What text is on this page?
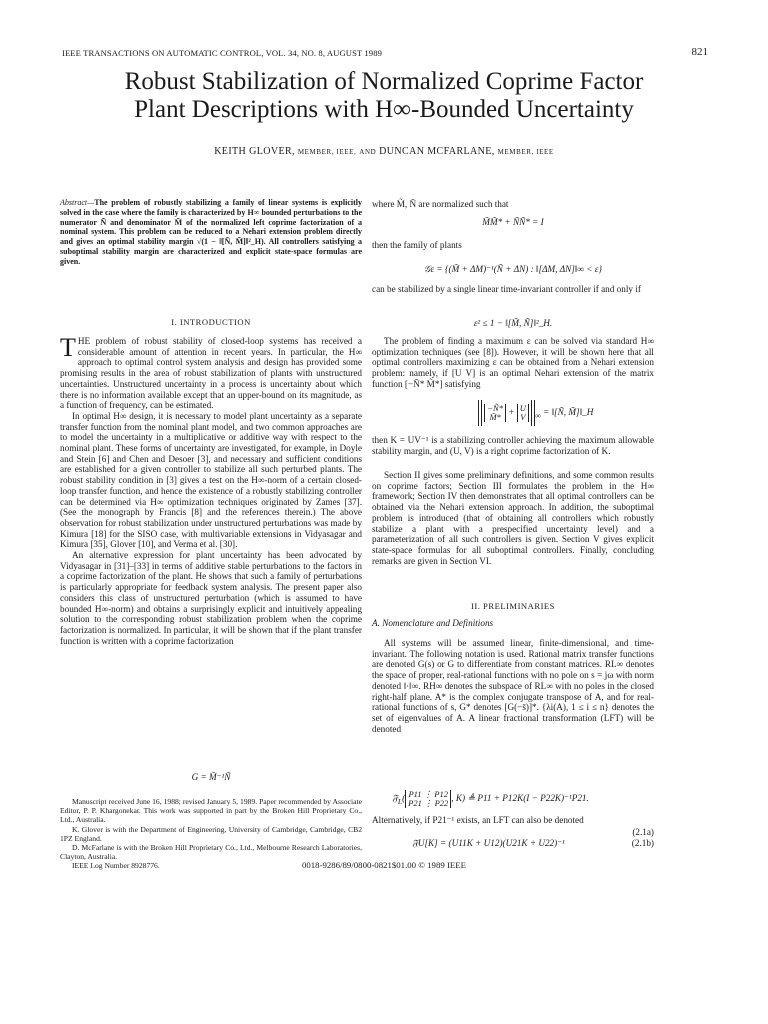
IEEE TRANSACTIONS ON AUTOMATIC CONTROL, VOL. 34, NO. 8, AUGUST 1989	821
Robust Stabilization of Normalized Coprime Factor
Plant Descriptions with H∞-Bounded Uncertainty
KEITH GLOVER, MEMBER, IEEE, AND DUNCAN MCFARLANE, MEMBER, IEEE
Abstract—The problem of robustly stabilizing a family of linear systems is explicitly solved in the case where the family is characterized by H∞ bounded perturbations to the numerator Ñ and denominator M̃ of the normalized left coprime factorization of a nominal system. This problem can be reduced to a Nehari extension problem directly and gives an optimal stability margin √(1 − ‖[Ñ, M̃]‖²_H). All controllers satisfying a suboptimal stability margin are characterized and explicit state-space formulas are given.
I. INTRODUCTION

THE problem of robust stability of closed-loop systems has received a considerable amount of attention in recent years. In particular, the H∞ approach to optimal control system analysis and design has provided some promising results in the area of robust stabilization of plants with unstructured uncertainties. Unstructured uncertainty in a process is uncertainty about which there is no information available except that an upper-bound on its magnitude, as a function of frequency, can be estimated.

In optimal H∞ design, it is necessary to model plant uncertainty as a separate transfer function from the nominal plant model, and two common approaches are to model the uncertainty in a multiplicative or additive way with respect to the nominal plant. These forms of uncertainty are investigated, for example, in Doyle and Stein [6] and Chen and Desoer [3], and necessary and sufficient conditions are established for a given controller to stabilize all such perturbed plants. The robust stability condition in [3] gives a test on the H∞-norm of a certain closed-loop transfer function, and hence the existence of a robustly stabilizing controller can be determined via H∞ optimization techniques originated by Zames [37]. (See the monograph by Francis [8] and the references therein.) The above observation for robust stabilization under unstructured perturbations was made by Kimura [18] for the SISO case, with multivariable extensions in Vidyasagar and Kimura [35], Glover [10], and Verma et al. [30].

An alternative expression for plant uncertainty has been advocated by Vidyasagar in [31]–[33] in terms of additive stable perturbations to the factors in a coprime factorization of the plant. He shows that such a family of perturbations is particularly appropriate for feedback system analysis. The present paper also considers this class of unstructured perturbation (which is assumed to have bounded H∞-norm) and obtains a surprisingly explicit and intuitively appealing solution to the corresponding robust stabilization problem when the coprime factorization is normalized. In particular, it will be shown that if the plant transfer function is written with a coprime factorization

G = M̃⁻¹Ñ

Manuscript received June 16, 1988; revised January 5, 1989. Paper recommended by Associate Editor, P. P. Khargonekar. This work was supported in part by the Broken Hill Proprietary Co., Ltd., Australia.

K. Glover is with the Department of Engineering, University of Cambridge, Cambridge, CB2 1PZ England.

D. McFarlane is with the Broken Hill Proprietary Co., Ltd., Melbourne Research Laboratories, Clayton, Australia.

IEEE Log Number 8928776.

where M̃, Ñ are normalized such that
M̃M̃* + ÑÑ* = I
then the family of plants
𝒢ε = {(M̃ + ΔM)⁻¹(Ñ + ΔN) : ‖[ΔM, ΔN]‖∞ < ε}
can be stabilized by a single linear time-invariant controller if and only if
ε² ≤ 1 − ‖[M̃, Ñ]‖²_H.
The problem of finding a maximum ε can be solved via standard H∞ optimization techniques (see [8]). However, it will be shown here that all optimal controllers maximizing ε can be obtained from a Nehari extension problem: namely, if [U V] is an optimal Nehari extension of the matrix function [−Ñ* M̃*] satisfying
−Ñ*
M̃* + U
V $_\infty$ = ‖[Ñ, M̃]‖_H
then K = UV⁻¹ is a stabilizing controller achieving the maximum allowable stability margin, and (U, V) is a right coprime factorization of K.
Section II gives some preliminary definitions, and some common results on coprime factors; Section III formulates the problem in the H∞ framework; Section IV then demonstrates that all optimal controllers can be obtained via the Nehari extension approach. In addition, the suboptimal problem is introduced (that of obtaining all controllers which robustly stabilize a plant with a prespecified uncertainty level) and a parameterization of all such controllers is given. Section V gives explicit state-space formulas for all suboptimal controllers. Finally, concluding remarks are given in Section VI.
II. PRELIMINARIES
A. Nomenclature and Definitions
All systems will be assumed linear, finite-dimensional, and time-invariant. The following notation is used. Rational matrix transfer functions are denoted G(s) or G to differentiate from constant matrices. RL∞ denotes the space of proper, real-rational functions with no pole on s = jω with norm denoted ‖·‖∞. RH∞ denotes the subspace of RL∞ with no poles in the closed right-half plane. A* is the complex conjugate transpose of A, and for real-rational functions of s, G* denotes [G(−s̄)]*. {λi(A), 1 ≤ i ≤ n} denotes the set of eigenvalues of A. A linear fractional transformation (LFT) will be denoted
𝔉$_L$( P11 ⋮ P12
P21 ⋮ P22 , K) ≜ P11 + P12K(I − P22K)⁻¹P21.
(2.1a)
Alternatively, if P21⁻¹ exists, an LFT can also be denoted
𝔉U[K] = (U11K + U12)(U21K + U22)⁻¹	(2.1b)
0018-9286/89/0800-0821$01.00 © 1989 IEEE
